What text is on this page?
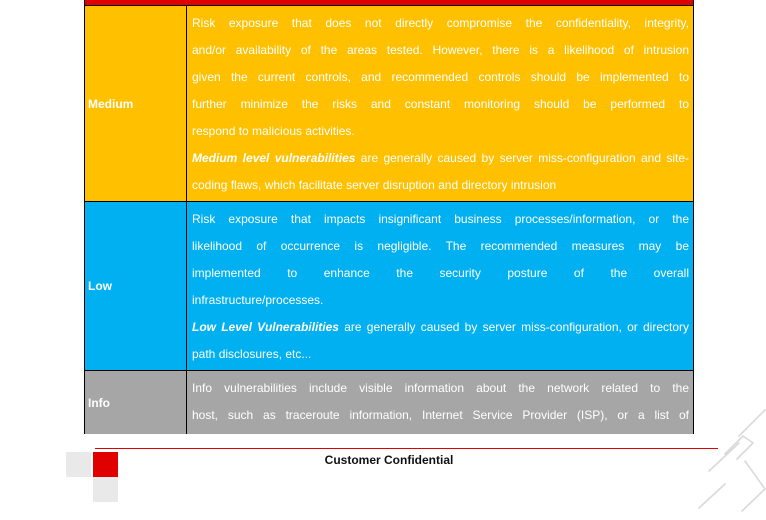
Medium

Risk exposure that does not directly compromise the confidentiality, integrity,
and/or availability of the areas tested. However, there is a likelihood of intrusion
given the current controls, and recommended controls should be implemented to
further minimize the risks and constant monitoring should be performed to
respond to malicious activities.

Medium level vulnerabilities are generally caused by server miss-configuration and site-coding flaws, which facilitate server disruption and directory intrusion

Low

Risk exposure that impacts insignificant business processes/information, or the
likelihood of occurrence is negligible. The recommended measures may be
implemented to enhance the security posture of the overall
infrastructure/processes.

Low Level Vulnerabilities are generally caused by server miss-configuration, or directory path disclosures, etc...

Info

Info vulnerabilities include visible information about the network related to the
host, such as traceroute information, Internet Service Provider (ISP), or a list of

Customer Confidential
